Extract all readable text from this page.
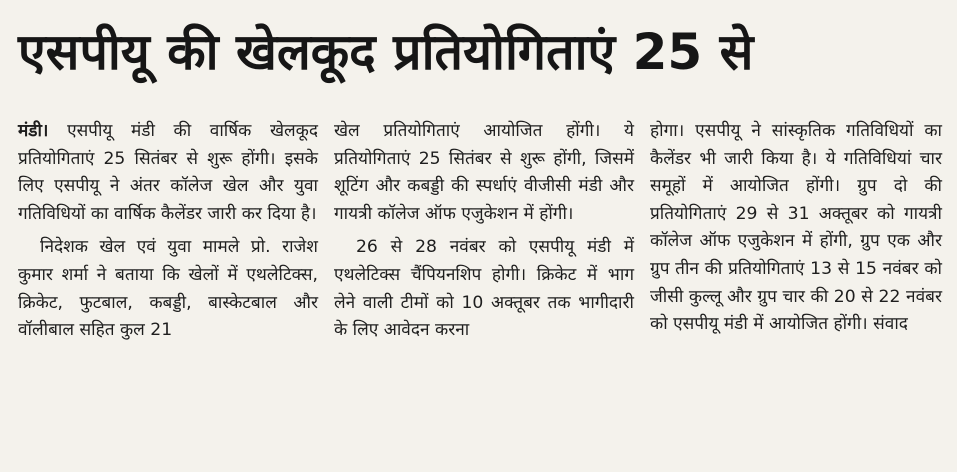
एसपीयू की खेलकूद प्रतियोगिताएं 25 से

मंडी। एसपीयू मंडी की वार्षिक खेलकूद प्रतियोगिताएं 25 सितंबर से शुरू होंगी। इसके लिए एसपीयू ने अंतर कॉलेज खेल और युवा गतिविधियों का वार्षिक कैलेंडर जारी कर दिया है।

निदेशक खेल एवं युवा मामले प्रो. राजेश कुमार शर्मा ने बताया कि खेलों में एथलेटिक्स, क्रिकेट, फुटबाल, कबड्डी, बास्केटबाल और वॉलीबाल सहित कुल 21

खेल प्रतियोगिताएं आयोजित होंगी। ये प्रतियोगिताएं 25 सितंबर से शुरू होंगी, जिसमें शूटिंग और कबड्डी की स्पर्धाएं वीजीसी मंडी और गायत्री कॉलेज ऑफ एजुकेशन में होंगी।

26 से 28 नवंबर को एसपीयू मंडी में एथलेटिक्स चैंपियनशिप होगी। क्रिकेट में भाग लेने वाली टीमों को 10 अक्तूबर तक भागीदारी के लिए आवेदन करना

होगा। एसपीयू ने सांस्कृतिक गतिविधियों का कैलेंडर भी जारी किया है। ये गतिविधियां चार समूहों में आयोजित होंगी। ग्रुप दो की प्रतियोगिताएं 29 से 31 अक्तूबर को गायत्री कॉलेज ऑफ एजुकेशन में होंगी, ग्रुप एक और ग्रुप तीन की प्रतियोगिताएं 13 से 15 नवंबर को जीसी कुल्लू और ग्रुप चार की 20 से 22 नवंबर को एसपीयू मंडी में आयोजित होंगी। संवाद
